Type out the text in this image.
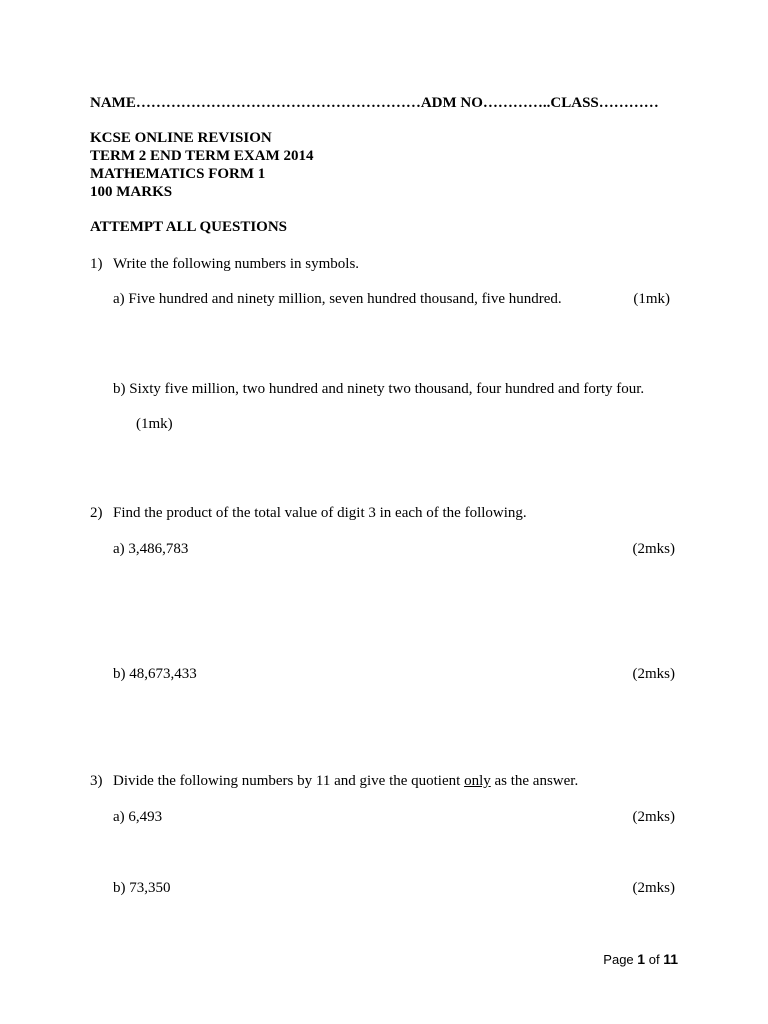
NAME…………………………………………………ADM NO…………..CLASS…………
KCSE ONLINE REVISION
TERM 2 END TERM EXAM 2014
MATHEMATICS FORM 1
100 MARKS
ATTEMPT ALL QUESTIONS
1) Write the following numbers in symbols.
a) Five hundred and ninety million, seven hundred thousand, five hundred.	(1mk)
b) Sixty five million, two hundred and ninety two thousand, four hundred and forty four.
(1mk)
2) Find the product of the total value of digit 3 in each of the following.
a) 3,486,783	(2mks)
b) 48,673,433	(2mks)
3) Divide the following numbers by 11 and give the quotient only as the answer.
a) 6,493	(2mks)
b) 73,350	(2mks)
Page 1 of 11
